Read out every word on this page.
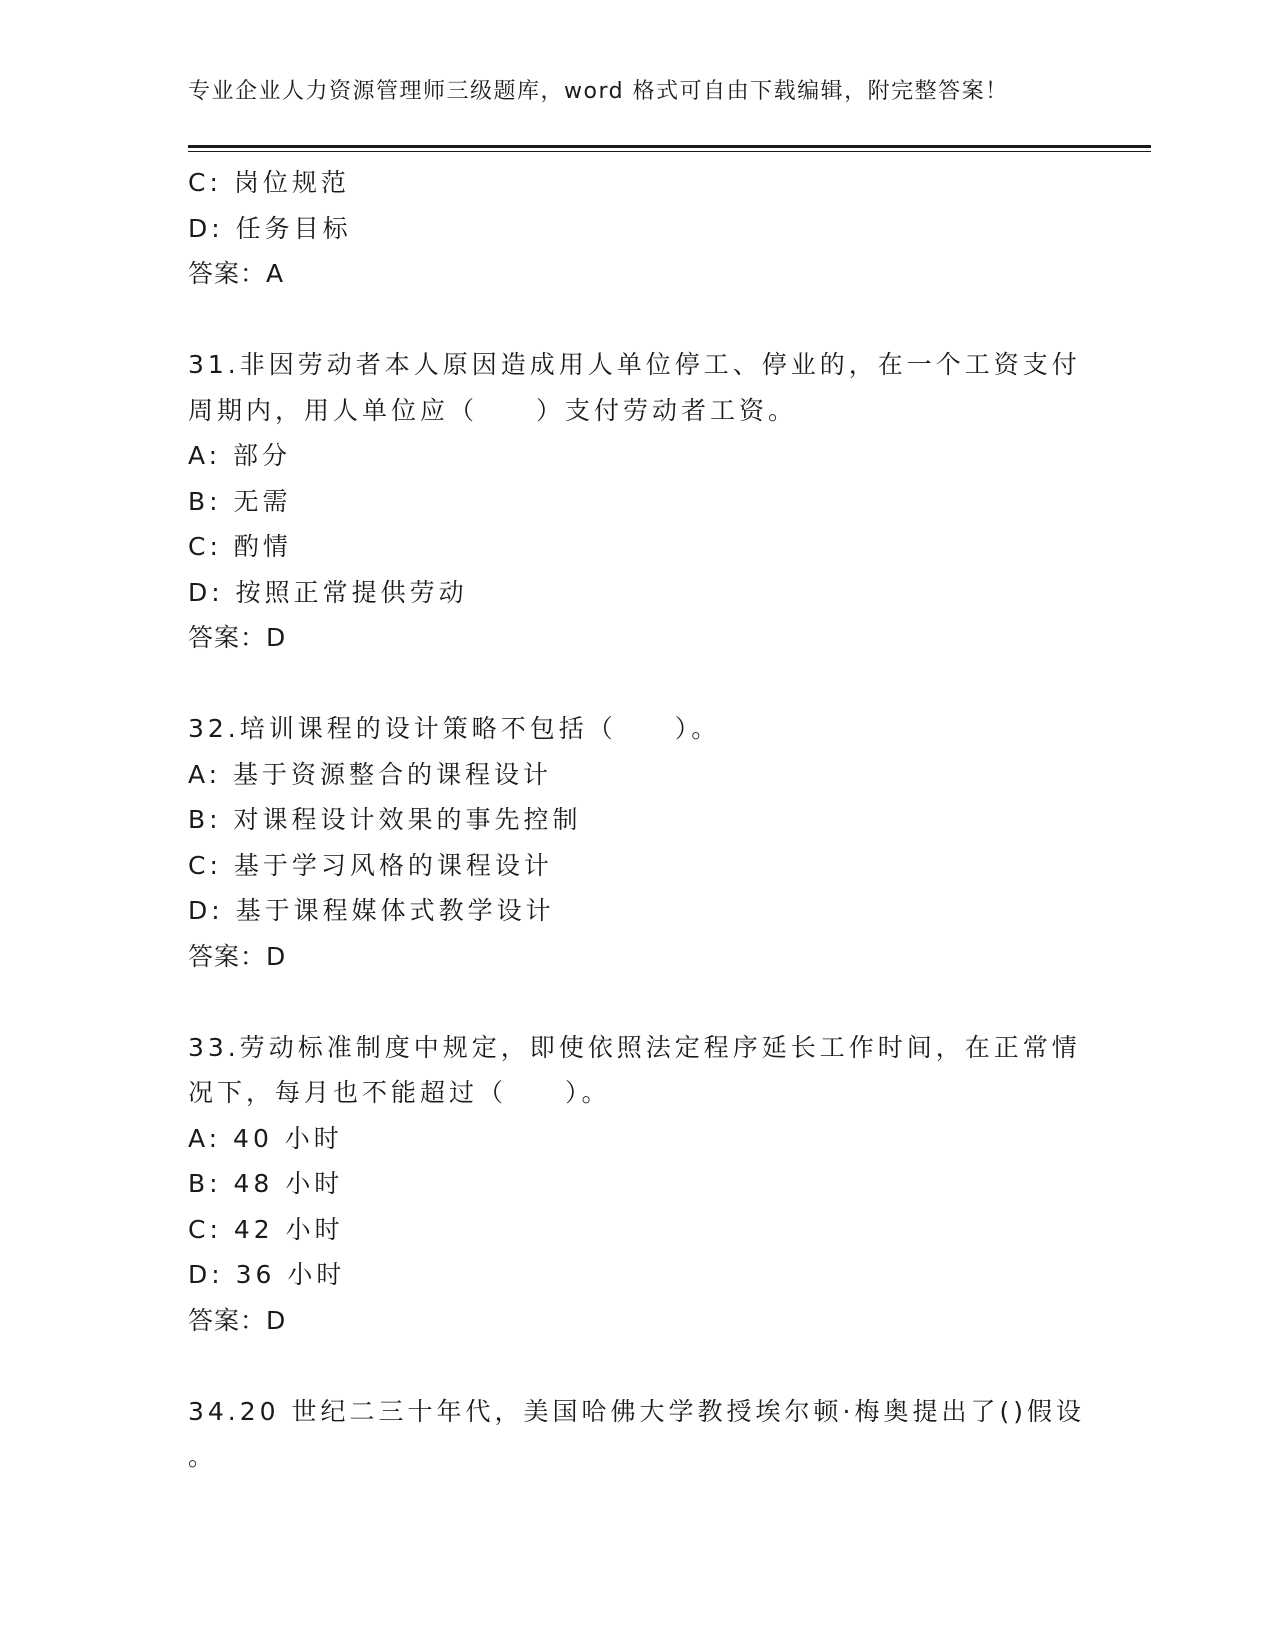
专业企业人力资源管理师三级题库，word 格式可自由下载编辑，附完整答案！
C: 岗位规范
D: 任务目标
答案：A
31.非因劳动者本人原因造成用人单位停工、停业的，在一个工资支付
周期内，用人单位应（　　）支付劳动者工资。
A: 部分
B: 无需
C: 酌情
D: 按照正常提供劳动
答案：D
32.培训课程的设计策略不包括（　　）。
A: 基于资源整合的课程设计
B: 对课程设计效果的事先控制
C: 基于学习风格的课程设计
D: 基于课程媒体式教学设计
答案：D
33.劳动标准制度中规定，即使依照法定程序延长工作时间，在正常情
况下，每月也不能超过（　　）。
A: 40 小时
B: 48 小时
C: 42 小时
D: 36 小时
答案：D
34.20 世纪二三十年代，美国哈佛大学教授埃尔顿·梅奥提出了()假设
。
